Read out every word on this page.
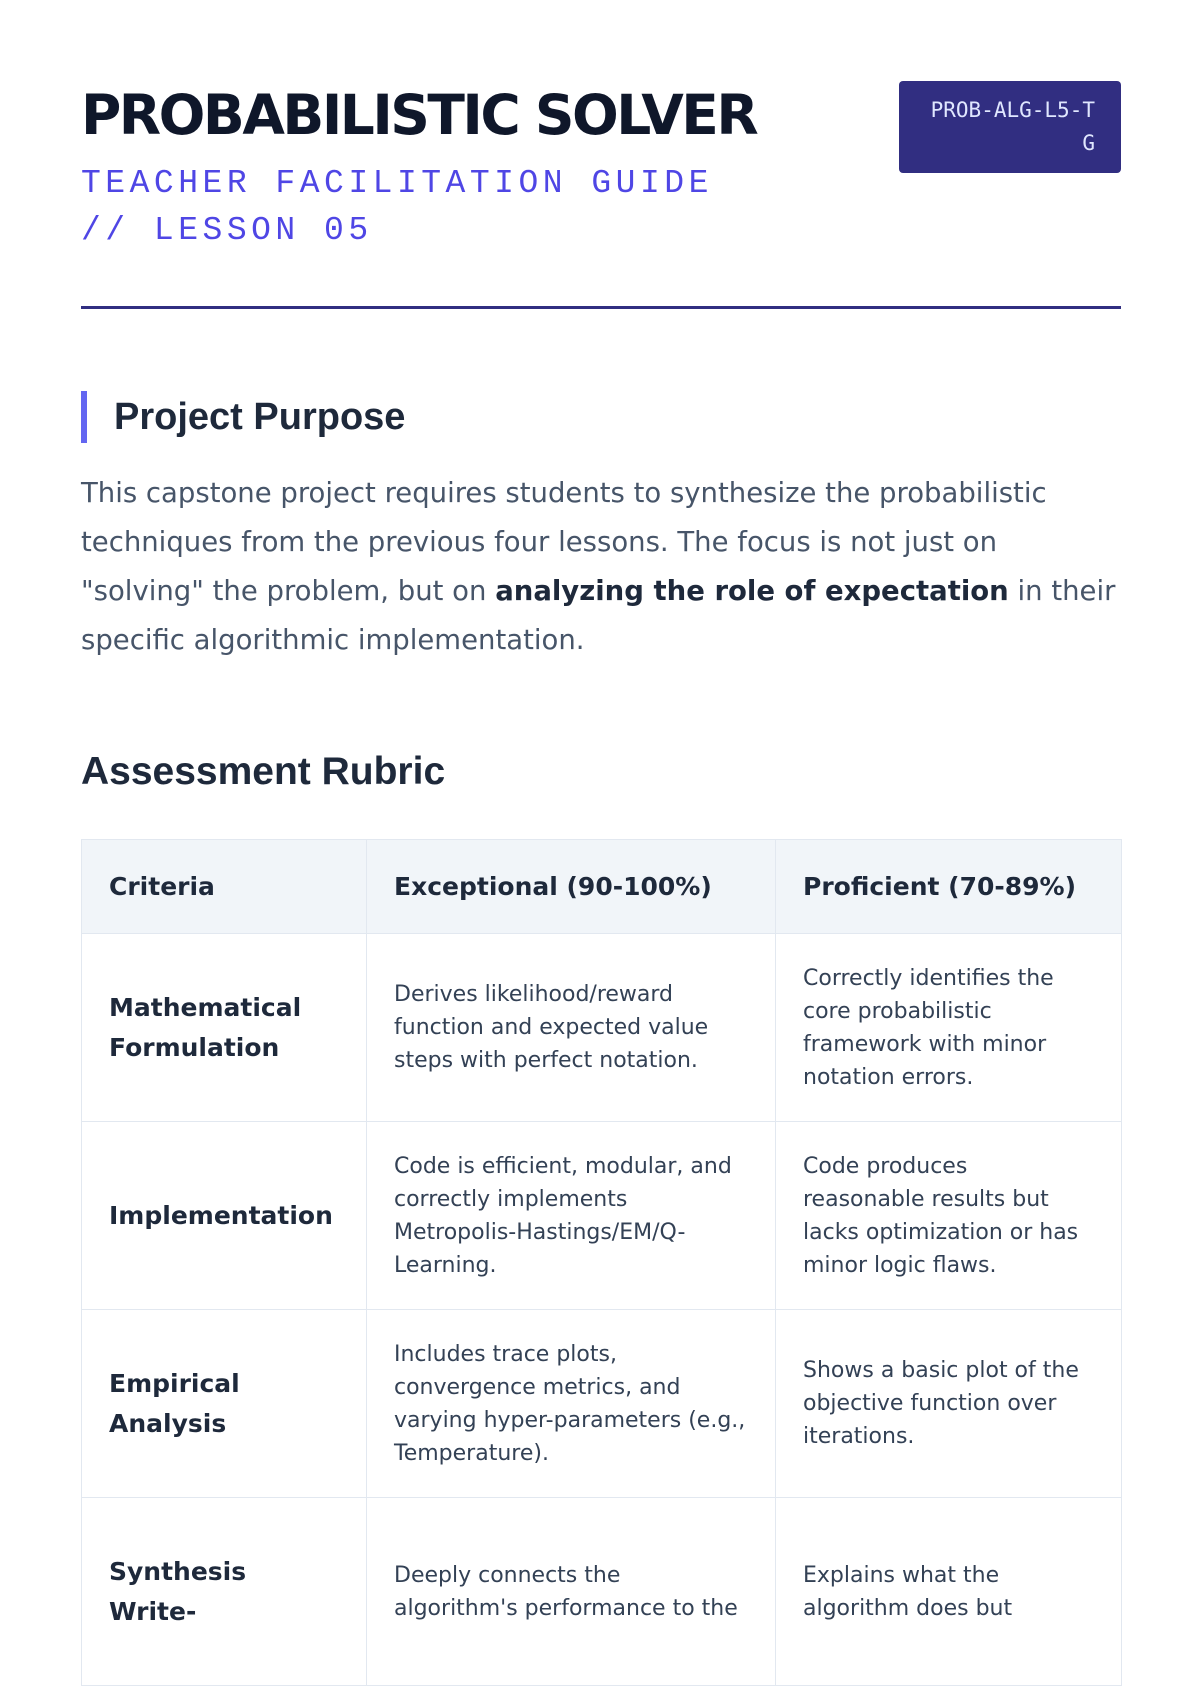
PROBABILISTIC SOLVER
TEACHER FACILITATION GUIDE // LESSON 05
PROB-ALG-L5-TG
Project Purpose

This capstone project requires students to synthesize the probabilistic techniques from the previous four lessons. The focus is not just on "solving" the problem, but on analyzing the role of expectation in their specific algorithmic implementation.

Assessment Rubric
Criteria	Exceptional (90-100%)	Proficient (70-89%)
Mathematical Formulation	Derives likelihood/reward function and expected value steps with perfect notation.	Correctly identifies the core probabilistic framework with minor notation errors.
Implementation	Code is efficient, modular, and correctly implements Metropolis-Hastings/EM/Q-Learning.	Code produces reasonable results but lacks optimization or has minor logic flaws.
Empirical Analysis	Includes trace plots, convergence metrics, and varying hyper-parameters (e.g., Temperature).	Shows a basic plot of the objective function over iterations.
Synthesis Write-	Deeply connects the algorithm's performance to the	Explains what the algorithm does but
